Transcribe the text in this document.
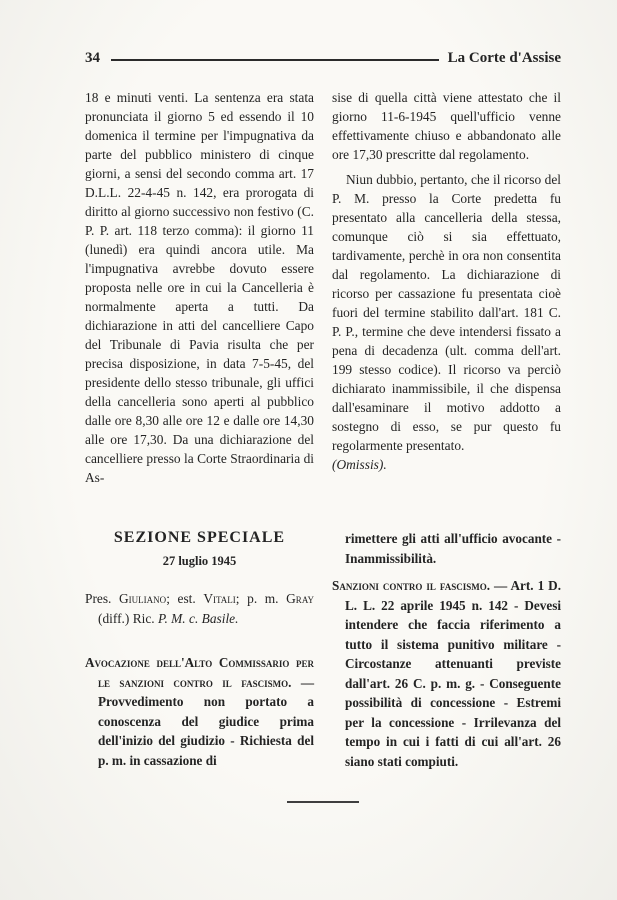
34	La Corte d'Assise

18 e minuti venti. La sentenza era stata pronunciata il giorno 5 ed essendo il 10 domenica il termine per l'impugnativa da parte del pubblico ministero di cinque giorni, a sensi del secondo comma art. 17 D.L.L. 22-4-45 n. 142, era prorogata di diritto al giorno successivo non festivo (C. P. P. art. 118 terzo comma): il giorno 11 (lunedì) era quindi ancora utile. Ma l'impugnativa avrebbe dovuto essere proposta nelle ore in cui la Cancelleria è normalmente aperta a tutti. Da dichiarazione in atti del cancelliere Capo del Tribunale di Pavia risulta che per precisa disposizione, in data 7-5-45, del presidente dello stesso tribunale, gli uffici della cancelleria sono aperti al pubblico dalle ore 8,30 alle ore 12 e dalle ore 14,30 alle ore 17,30. Da una dichiarazione del cancelliere presso la Corte Straordinaria di As-

sise di quella città viene attestato che il giorno 11-6-1945 quell'ufficio venne effettivamente chiuso e abbandonato alle ore 17,30 prescritte dal regolamento.

Niun dubbio, pertanto, che il ricorso del P. M. presso la Corte predetta fu presentato alla cancelleria della stessa, comunque ciò si sia effettuato, tardivamente, perchè in ora non consentita dal regolamento. La dichiarazione di ricorso per cassazione fu presentata cioè fuori del termine stabilito dall'art. 181 C. P. P., termine che deve intendersi fissato a pena di decadenza (ult. comma dell'art. 199 stesso codice). Il ricorso va perciò dichiarato inammissibile, il che dispensa dall'esaminare il motivo addotto a sostegno di esso, se pur questo fu regolarmente presentato.

(Omissis).

SEZIONE SPECIALE
27 luglio 1945

Pres. Giuliano; est. Vitali; p. m. Gray (diff.) Ric. P. M. c. Basile.

Avocazione dell'Alto Commissario per le sanzioni contro il fascismo. — Provvedimento non portato a conoscenza del giudice prima dell'inizio del giudizio - Richiesta del p. m. in cassazione di

rimettere gli atti all'ufficio avocante - Inammissibilità.

Sanzioni contro il fascismo. — Art. 1 D. L. L. 22 aprile 1945 n. 142 - Devesi intendere che faccia riferimento a tutto il sistema punitivo militare - Circostanze attenuanti previste dall'art. 26 C. p. m. g. - Conseguente possibilità di concessione - Estremi per la concessione - Irrilevanza del tempo in cui i fatti di cui all'art. 26 siano stati compiuti.
